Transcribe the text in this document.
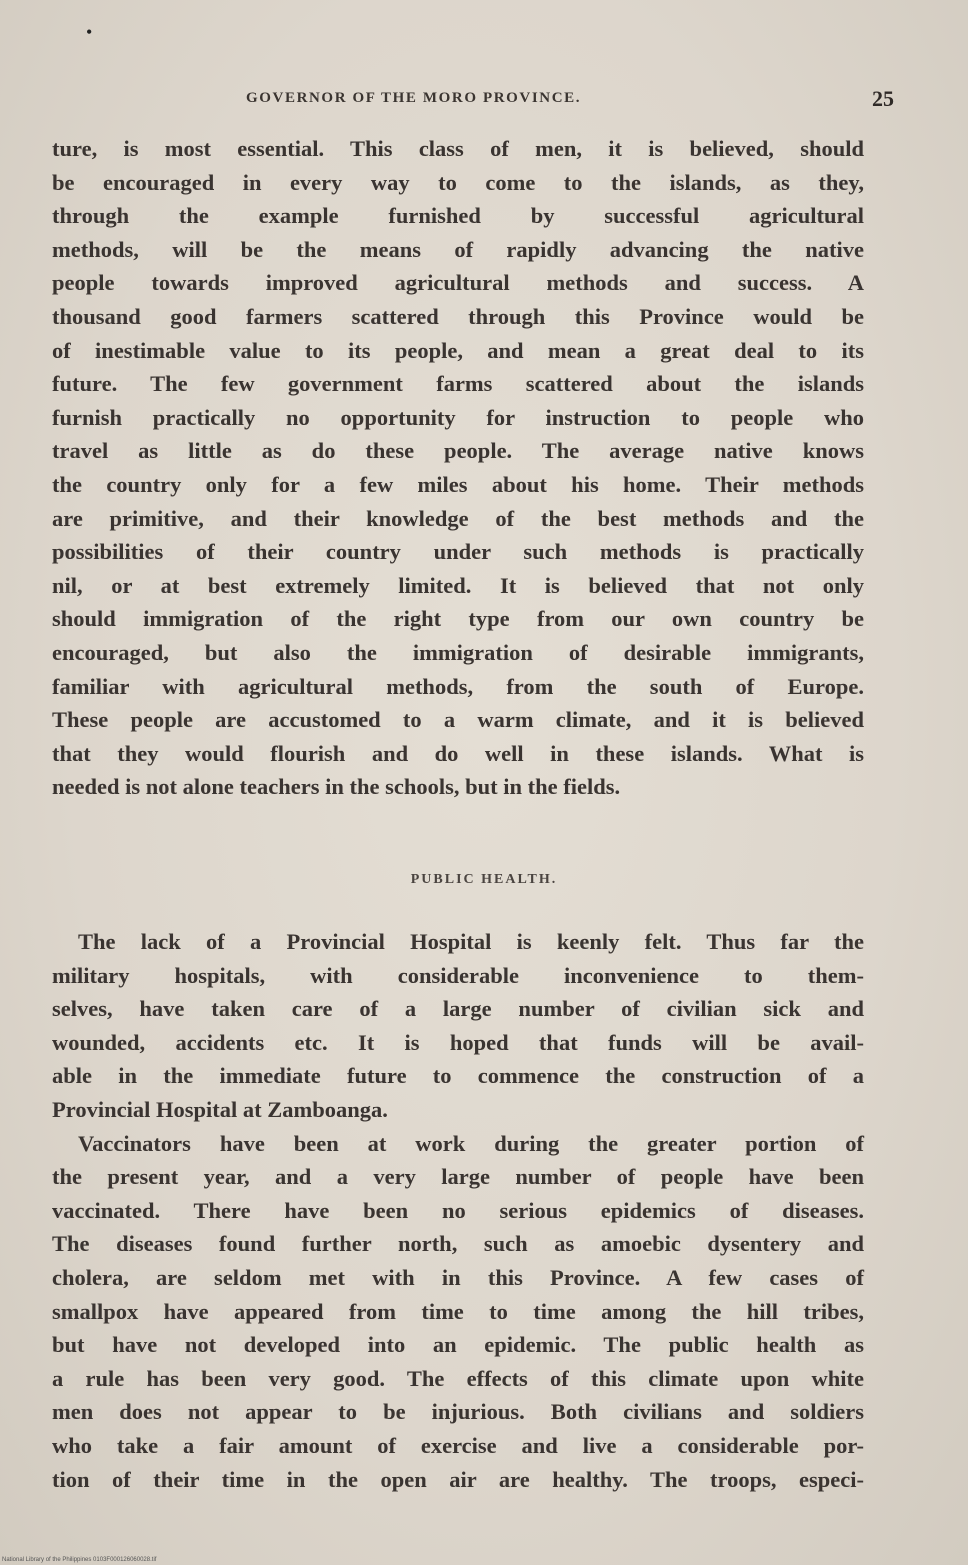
•
GOVERNOR OF THE MORO PROVINCE.	25
ture, is most essential. This class of men, it is believed, should
be encouraged in every way to come to the islands, as they,
through the example furnished by successful agricultural
methods, will be the means of rapidly advancing the native
people towards improved agricultural methods and success. A
thousand good farmers scattered through this Province would be
of inestimable value to its people, and mean a great deal to its
future. The few government farms scattered about the islands
furnish practically no opportunity for instruction to people who
travel as little as do these people. The average native knows
the country only for a few miles about his home. Their methods
are primitive, and their knowledge of the best methods and the
possibilities of their country under such methods is practically
nil, or at best extremely limited. It is believed that not only
should immigration of the right type from our own country be
encouraged, but also the immigration of desirable immigrants,
familiar with agricultural methods, from the south of Europe.
These people are accustomed to a warm climate, and it is believed
that they would flourish and do well in these islands. What is
needed is not alone teachers in the schools, but in the fields.
PUBLIC HEALTH.
The lack of a Provincial Hospital is keenly felt. Thus far the
military hospitals, with considerable inconvenience to them-
selves, have taken care of a large number of civilian sick and
wounded, accidents etc. It is hoped that funds will be avail-
able in the immediate future to commence the construction of a
Provincial Hospital at Zamboanga.
Vaccinators have been at work during the greater portion of
the present year, and a very large number of people have been
vaccinated. There have been no serious epidemics of diseases.
The diseases found further north, such as amoebic dysentery and
cholera, are seldom met with in this Province. A few cases of
smallpox have appeared from time to time among the hill tribes,
but have not developed into an epidemic. The public health as
a rule has been very good. The effects of this climate upon white
men does not appear to be injurious. Both civilians and soldiers
who take a fair amount of exercise and live a considerable por-
tion of their time in the open air are healthy. The troops, especi-
National Library of the Philippines 0103F000126060028.tif
